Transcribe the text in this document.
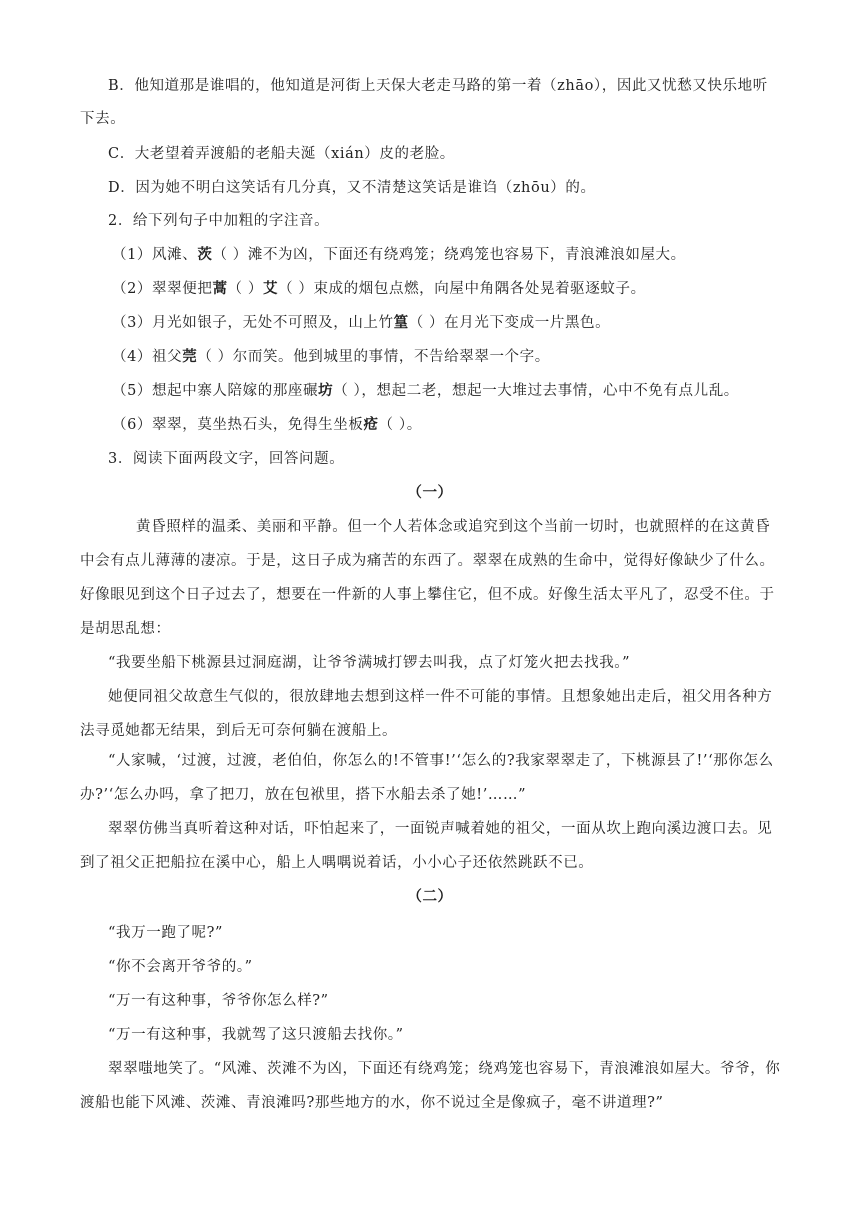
B．他知道那是谁唱的，他知道是河街上天保大老走马路的第一着（zhāo），因此又忧愁又快乐地听下去。

C．大老望着弄渡船的老船夫涎（xián）皮的老脸。

D．因为她不明白这笑话有几分真，又不清楚这笑话是谁诌（zhōu）的。

2．给下列句子中加粗的字注音。

（1）风滩、茨（ ）滩不为凶，下面还有绕鸡笼；绕鸡笼也容易下，青浪滩浪如屋大。

（2）翠翠便把蒿（ ）艾（ ）束成的烟包点燃，向屋中角隅各处晃着驱逐蚊子。

（3）月光如银子，无处不可照及，山上竹篁（ ）在月光下变成一片黑色。

（4）祖父莞（ ）尔而笑。他到城里的事情，不告给翠翠一个字。

（5）想起中寨人陪嫁的那座碾坊（ ），想起二老，想起一大堆过去事情，心中不免有点儿乱。

（6）翠翠，莫坐热石头，免得生坐板疮（ ）。

3．阅读下面两段文字，回答问题。

（一）

黄昏照样的温柔、美丽和平静。但一个人若体念或追究到这个当前一切时，也就照样的在这黄昏中会有点儿薄薄的凄凉。于是，这日子成为痛苦的东西了。翠翠在成熟的生命中，觉得好像缺少了什么。好像眼见到这个日子过去了，想要在一件新的人事上攀住它，但不成。好像生活太平凡了，忍受不住。于是胡思乱想：

“我要坐船下桃源县过洞庭湖，让爷爷满城打锣去叫我，点了灯笼火把去找我。”

她便同祖父故意生气似的，很放肆地去想到这样一件不可能的事情。且想象她出走后，祖父用各种方法寻觅她都无结果，到后无可奈何躺在渡船上。

“人家喊，‘过渡，过渡，老伯伯，你怎么的!不管事!’‘怎么的?我家翠翠走了，下桃源县了!’‘那你怎么办?’‘怎么办吗，拿了把刀，放在包袱里，搭下水船去杀了她!’……”

翠翠仿佛当真听着这种对话，吓怕起来了，一面锐声喊着她的祖父，一面从坎上跑向溪边渡口去。见到了祖父正把船拉在溪中心，船上人喁喁说着话，小小心子还依然跳跃不已。

（二）

“我万一跑了呢?”

“你不会离开爷爷的。”

“万一有这种事，爷爷你怎么样?”

“万一有这种事，我就驾了这只渡船去找你。”

翠翠嗤地笑了。“风滩、茨滩不为凶，下面还有绕鸡笼；绕鸡笼也容易下，青浪滩浪如屋大。爷爷，你渡船也能下风滩、茨滩、青浪滩吗?那些地方的水，你不说过全是像疯子，毫不讲道理?”
